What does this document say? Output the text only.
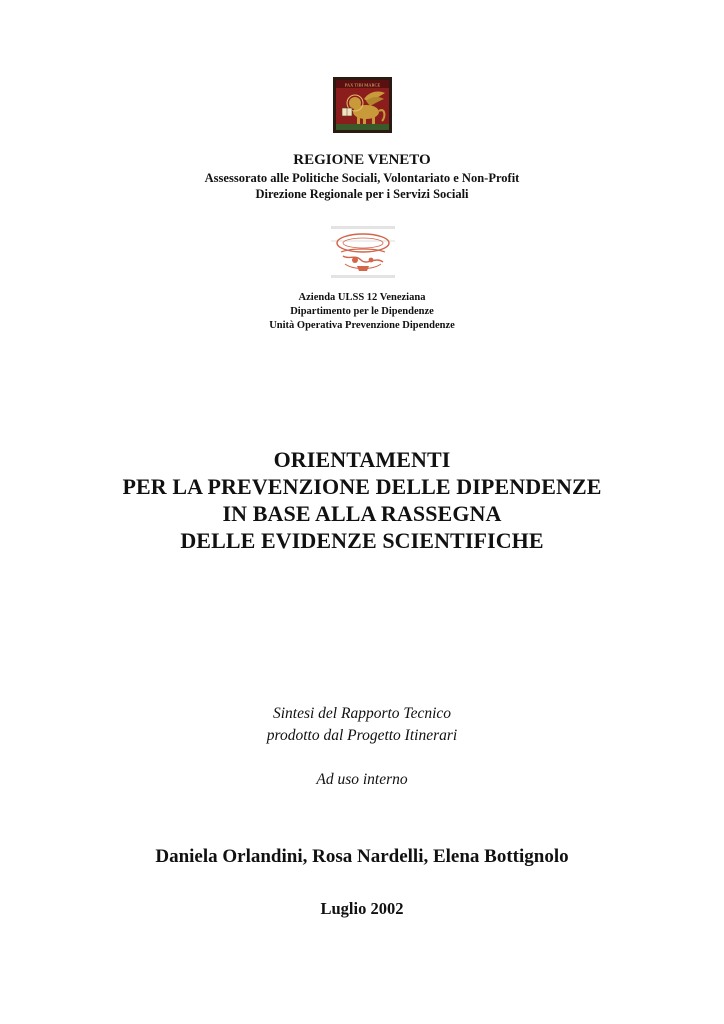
PAX TIBI MARCE
REGIONE VENETO
Assessorato alle Politiche Sociali, Volontariato e Non-Profit
Direzione Regionale per i Servizi Sociali
Azienda ULSS 12 Veneziana
Dipartimento per le Dipendenze
Unità Operativa Prevenzione Dipendenze
ORIENTAMENTI
PER LA PREVENZIONE DELLE DIPENDENZE
IN BASE ALLA RASSEGNA
DELLE EVIDENZE SCIENTIFICHE
Sintesi del Rapporto Tecnico
prodotto dal Progetto Itinerari
Ad uso interno
Daniela Orlandini, Rosa Nardelli, Elena Bottignolo
Luglio 2002
